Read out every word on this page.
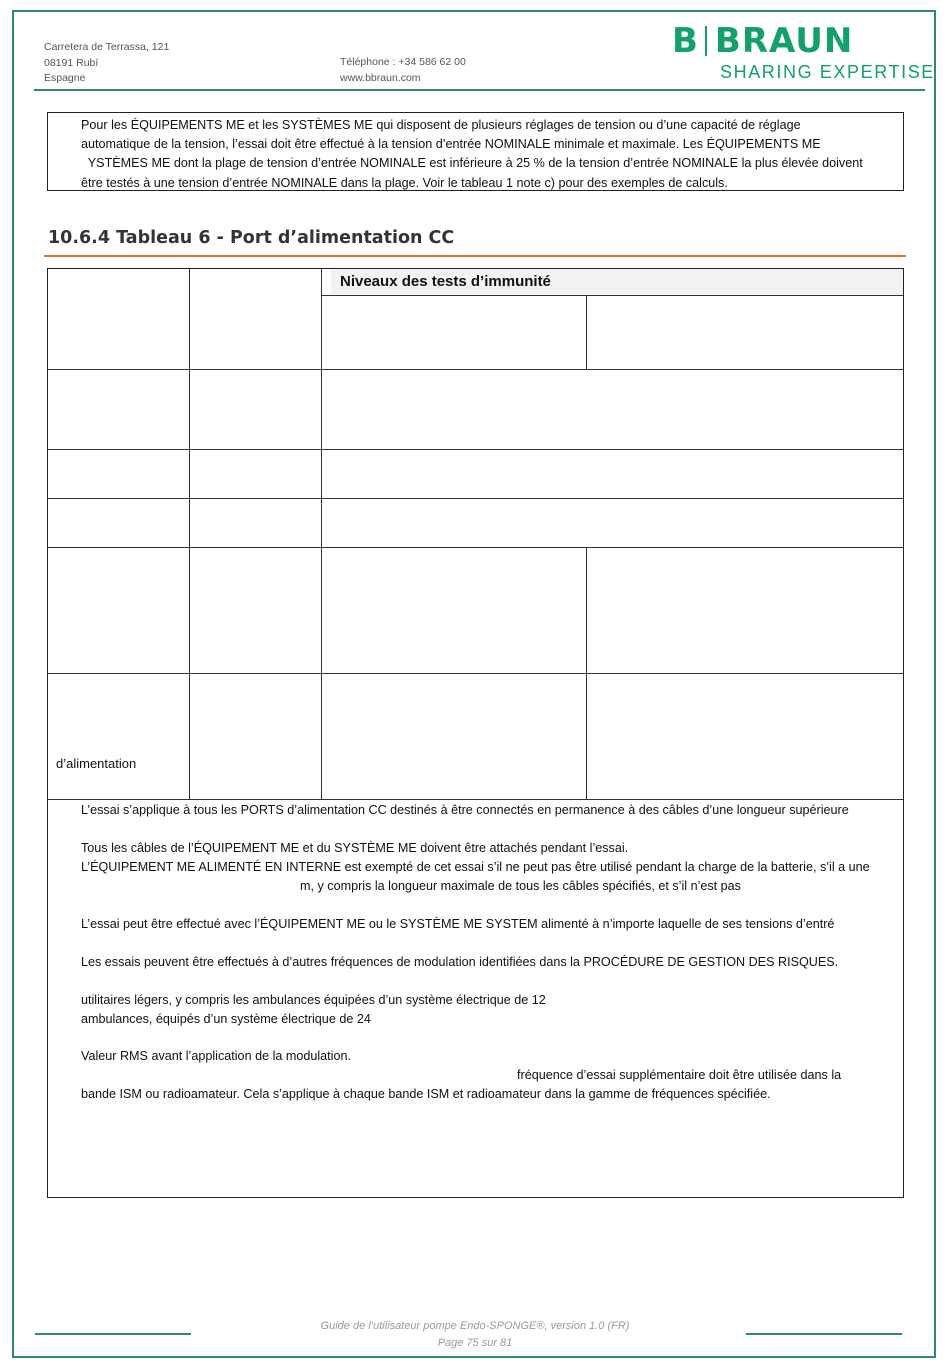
Carretera de Terrassa, 121
08191 Rubí
Espagne
Téléphone : +34 586 62 00
www.bbraun.com
B BRAUN
SHARING EXPERTISE
Pour les ÉQUIPEMENTS ME et les SYSTÈMES ME qui disposent de plusieurs réglages de tension ou d’une capacité de réglage
automatique de la tension, l’essai doit être effectué à la tension d’entrée NOMINALE minimale et maximale. Les ÉQUIPEMENTS ME
YSTÈMES ME dont la plage de tension d’entrée NOMINALE est inférieure à 25 % de la tension d’entrée NOMINALE la plus élevée doivent
être testés à une tension d’entrée NOMINALE dans la plage. Voir le tableau 1 note c) pour des exemples de calculs.
10.6.4 Tableau 6 - Port d’alimentation CC
Niveaux des tests d’immunité
d’alimentation
L’essai s’applique à tous les PORTS d’alimentation CC destinés à être connectés en permanence à des câbles d’une longueur supérieure
Tous les câbles de l’ÉQUIPEMENT ME et du SYSTÈME ME doivent être attachés pendant l’essai.
L’ÉQUIPEMENT ME ALIMENTÉ EN INTERNE est exempté de cet essai s’il ne peut pas être utilisé pendant la charge de la batterie, s’il a une
m, y compris la longueur maximale de tous les câbles spécifiés, et s’il n’est pas
L’essai peut être effectué avec l’ÉQUIPEMENT ME ou le SYSTÈME ME SYSTEM alimenté à n’importe laquelle de ses tensions d’entré
Les essais peuvent être effectués à d’autres fréquences de modulation identifiées dans la PROCÉDURE DE GESTION DES RISQUES.
utilitaires légers, y compris les ambulances équipées d’un système électrique de 12
ambulances, équipés d’un système électrique de 24
Valeur RMS avant l’application de la modulation.
fréquence d’essai supplémentaire doit être utilisée dans la
bande ISM ou radioamateur. Cela s’applique à chaque bande ISM et radioamateur dans la gamme de fréquences spécifiée.
Guide de l’utilisateur pompe Endo-SPONGE®, version 1.0 (FR)
Page 75 sur 81
